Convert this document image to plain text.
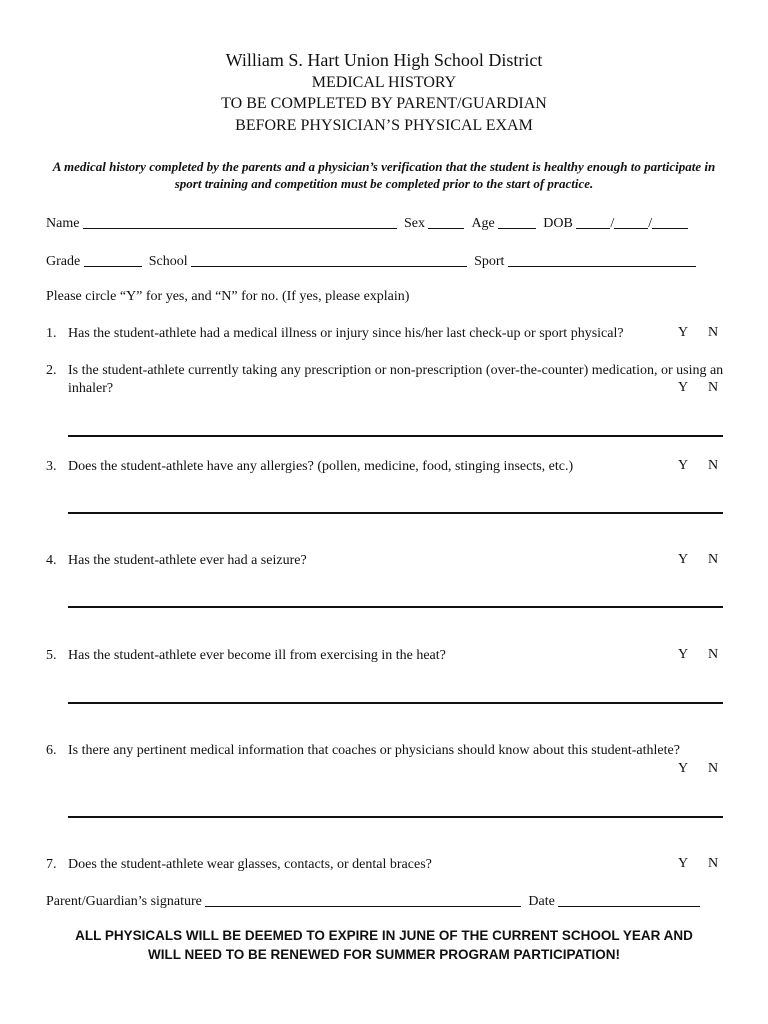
William S. Hart Union High School District
MEDICAL HISTORY
TO BE COMPLETED BY PARENT/GUARDIAN
BEFORE PHYSICIAN’S PHYSICAL EXAM
A medical history completed by the parents and a physician’s verification that the student is healthy enough to participate in sport training and competition must be completed prior to the start of practice.
Name	Sex	Age	DOB	/ /
Grade	School	Sport
Please circle “Y” for yes, and “N” for no. (If yes, please explain)
1. Has the student-athlete had a medical illness or injury since his/her last check-up or sport physical?	Y N
2. Is the student-athlete currently taking any prescription or non-prescription (over-the-counter) medication, or using an inhaler?	Y N
3. Does the student-athlete have any allergies? (pollen, medicine, food, stinging insects, etc.)	Y N
4. Has the student-athlete ever had a seizure?	Y N
5. Has the student-athlete ever become ill from exercising in the heat?	Y N
6. Is there any pertinent medical information that coaches or physicians should know about this student-athlete?
Y N
7. Does the student-athlete wear glasses, contacts, or dental braces?	Y N
Parent/Guardian’s signature	Date
ALL PHYSICALS WILL BE DEEMED TO EXPIRE IN JUNE OF THE CURRENT SCHOOL YEAR AND
WILL NEED TO BE RENEWED FOR SUMMER PROGRAM PARTICIPATION!
